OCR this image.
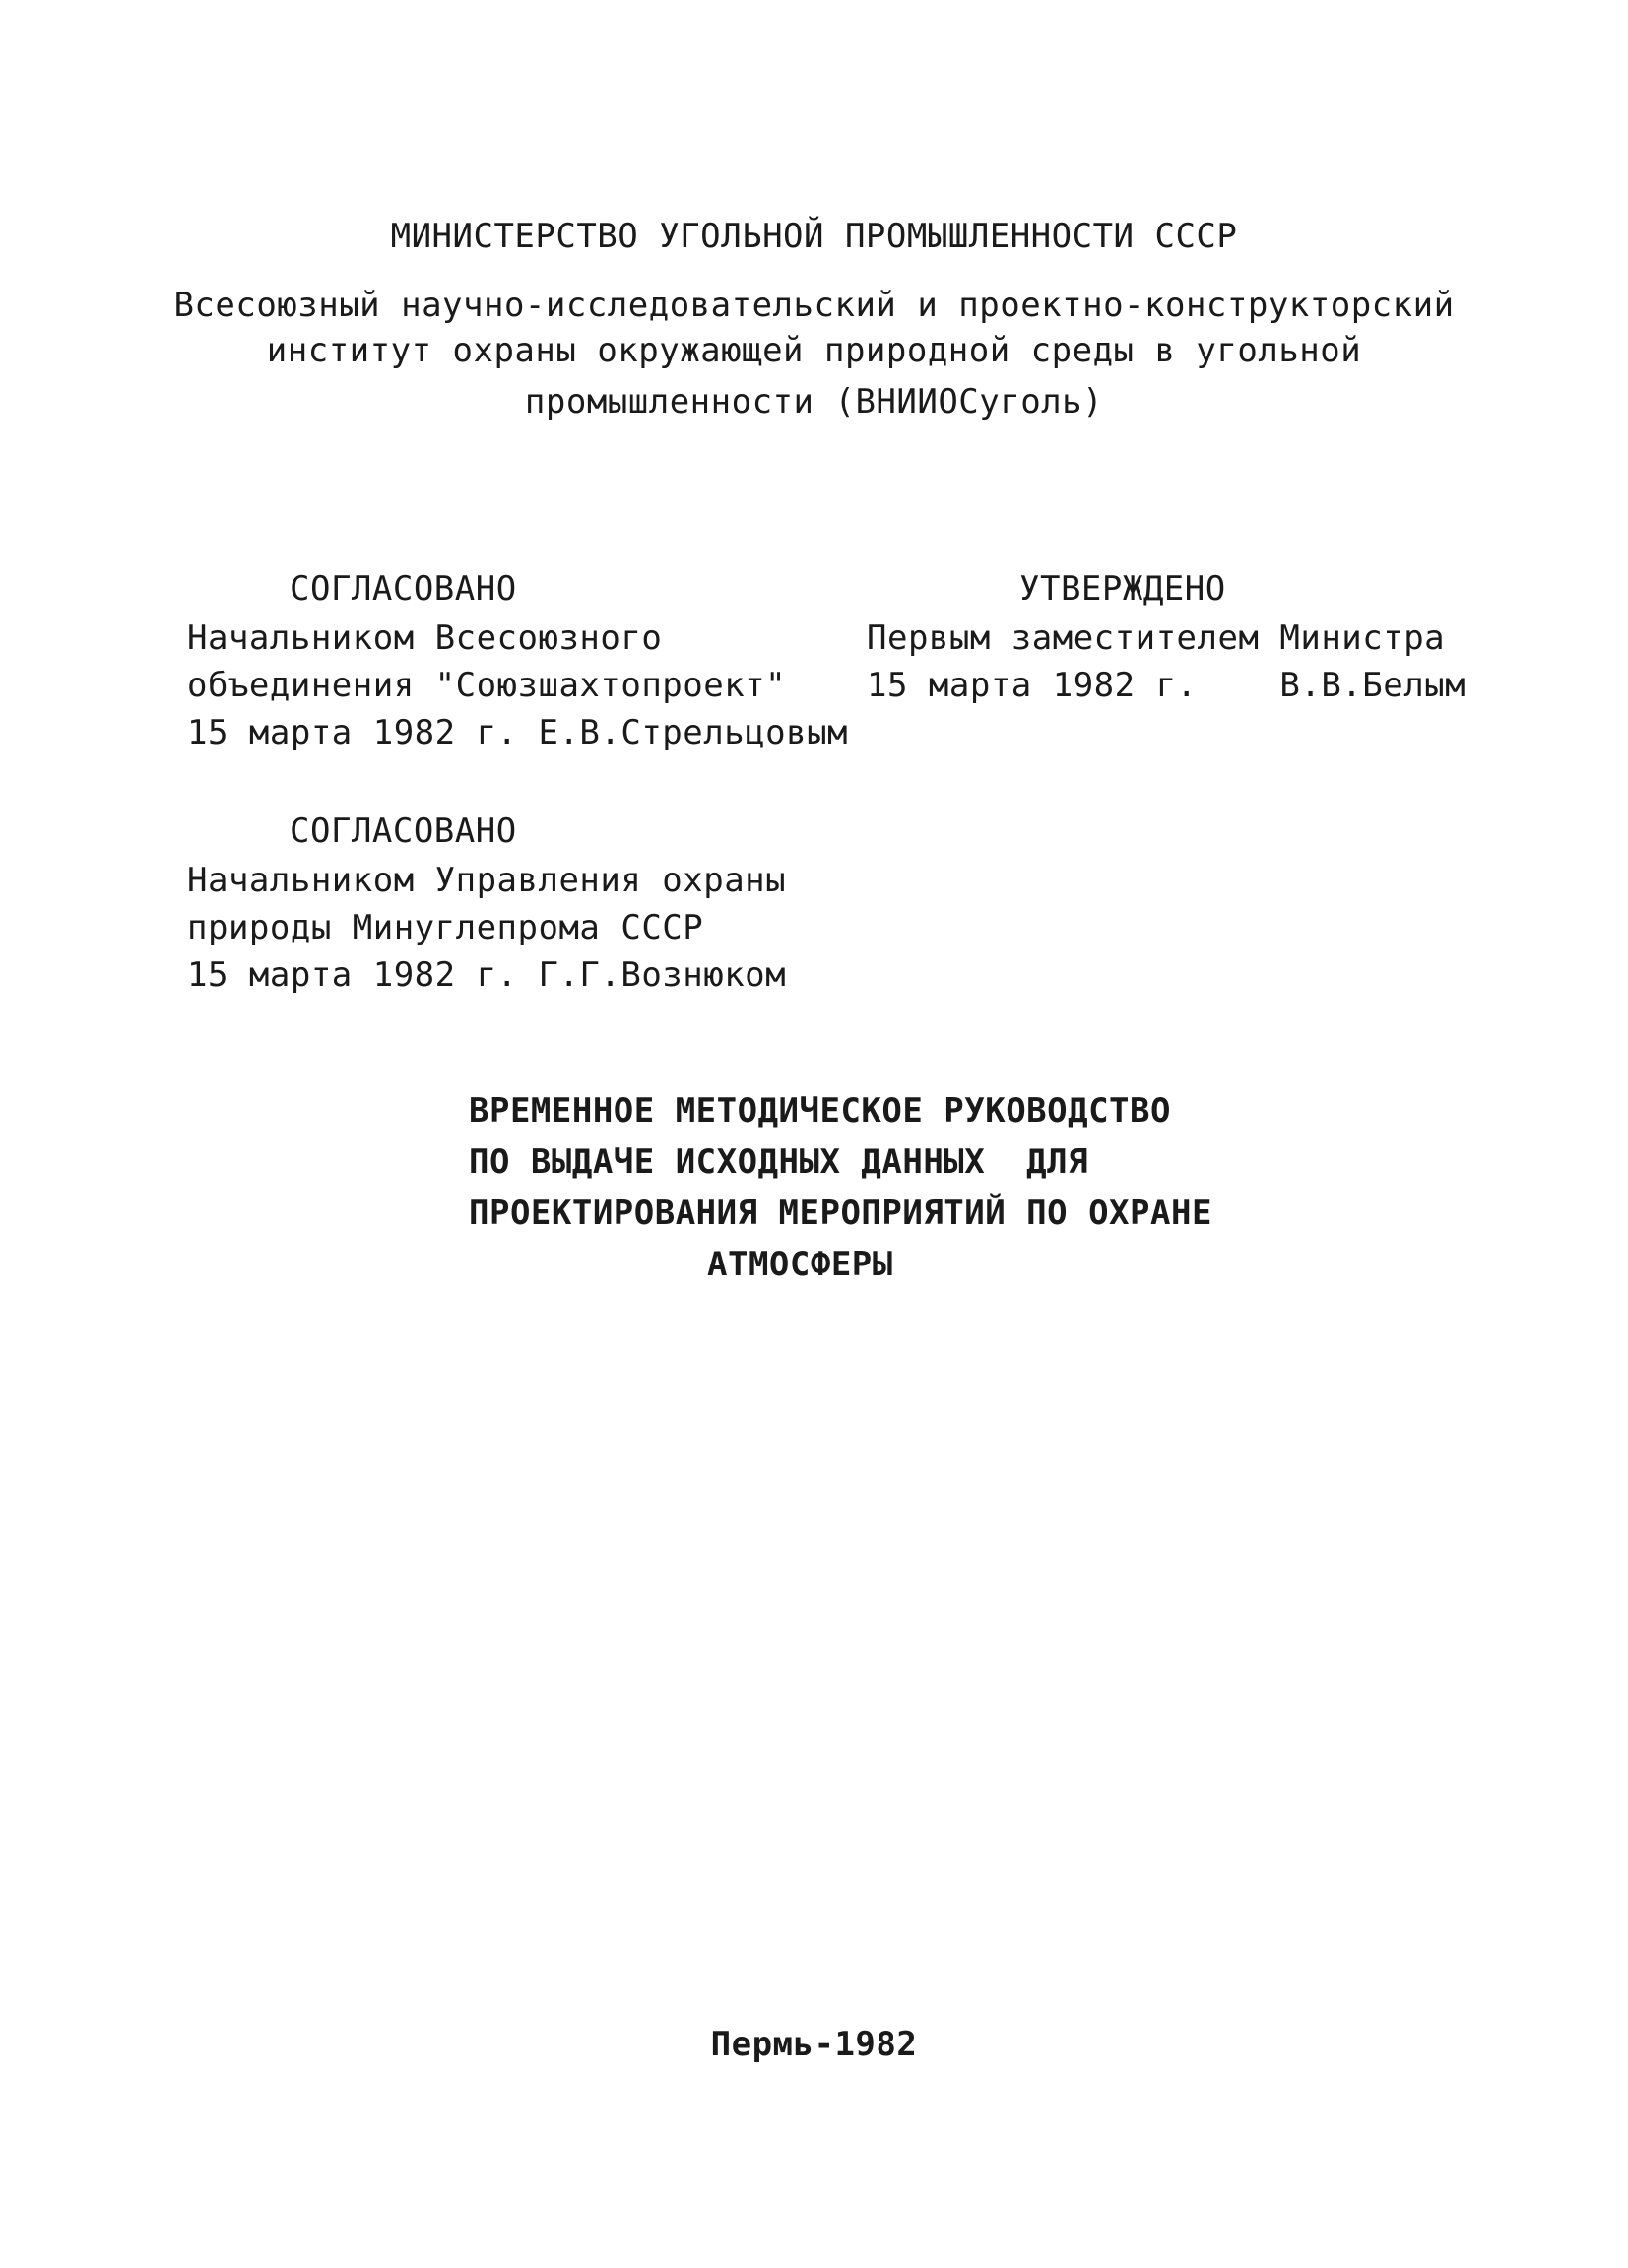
МИНИСТЕРСТВО УГОЛЬНОЙ ПРОМЫШЛЕННОСТИ СССР
Всесоюзный научно-исследовательский и проектно-конструкторский
институт охраны окружающей природной среды в угольной
промышленности (ВНИИОСуголь)
СОГЛАСОВАНО
Начальником Всесоюзного
объединения "Союзшахтопроект"
15 марта 1982 г. Е.В.Стрельцовым
УТВЕРЖДЕНО
Первым заместителем Министра
15 марта 1982 г.    В.В.Белым
СОГЛАСОВАНО
Начальником Управления охраны
природы Минуглепрома СССР
15 марта 1982 г. Г.Г.Вознюком
ВРЕМЕННОЕ МЕТОДИЧЕСКОЕ РУКОВОДСТВО
ПО ВЫДАЧЕ ИСХОДНЫХ ДАННЫХ  ДЛЯ
ПРОЕКТИРОВАНИЯ МЕРОПРИЯТИЙ ПО ОХРАНЕ
АТМОСФЕРЫ
Пермь-1982
